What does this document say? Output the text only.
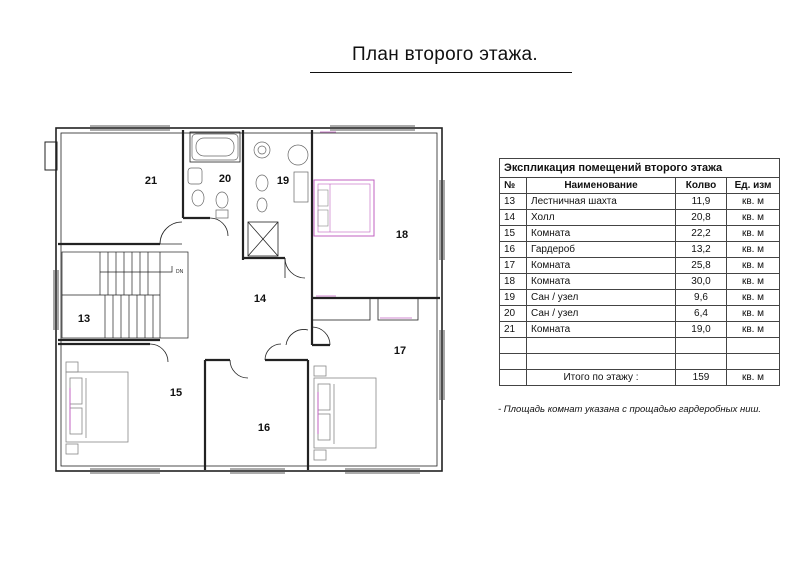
План второго этажа.
DN
21	20	19
18
13
14
15
16
17
Экспликация помещений второго этажа			
№	Наименование	Колво	Ед. изм
13	Лестничная шахта	11,9	кв. м
14	Холл	20,8	кв. м
15	Комната	22,2	кв. м
16	Гардероб	13,2	кв. м
17	Комната	25,8	кв. м
18	Комната	30,0	кв. м
19	Сан / узел	9,6	кв. м
20	Сан / узел	6,4	кв. м
21	Комната	19,0	кв. м

	Итого по этажу :	159	кв. м
- Площадь комнат указана с прощадью гардеробных ниш.
